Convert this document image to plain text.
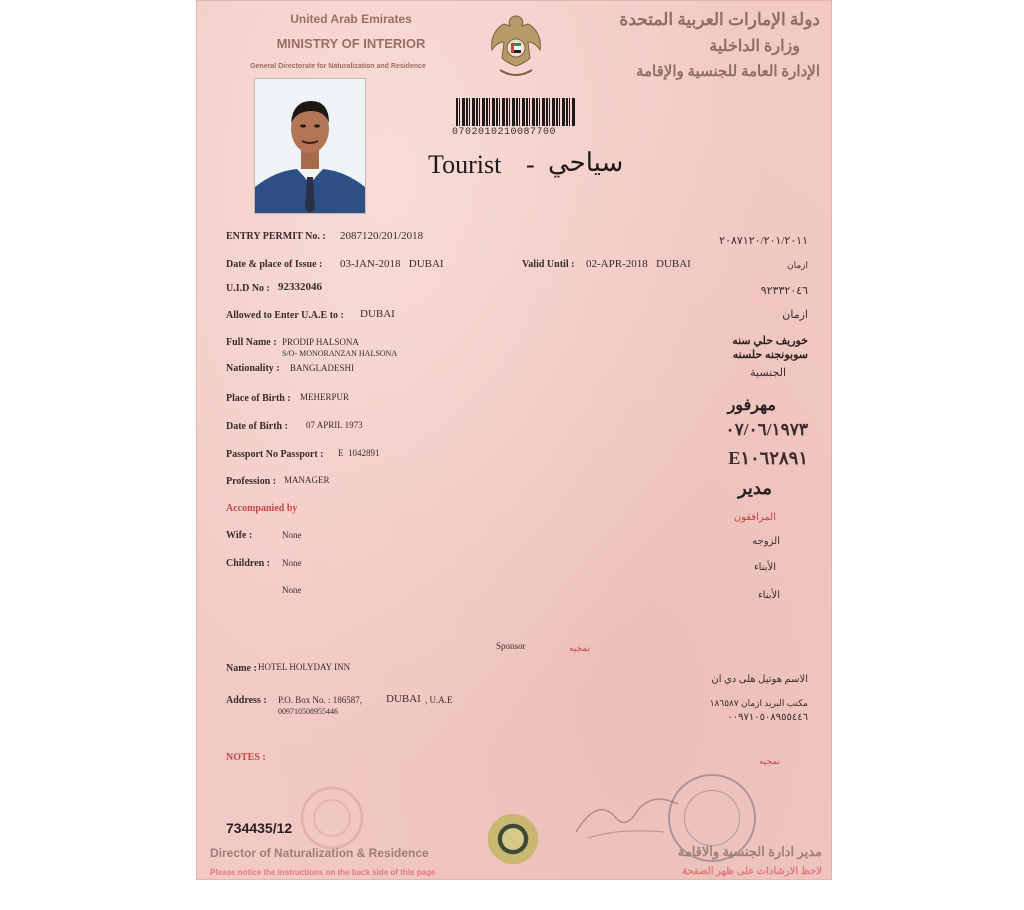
United Arab Emirates
MINISTRY OF INTERIOR
General Directorate for Naturalization and Residence
دولة الإمارات العربية المتحدة
وزارة الداخلية
الإدارة العامة للجنسية والإقامة
070201021008770​0
Tourist - سياحي
ENTRY PERMIT No. : 2087120/201/2018	٢٠٨٧١٢٠/٢٠١/٢٠١١
Date & place of Issue : 03-JAN-2018   DUBAI	Valid Until : 02-APR-2018   DUBAI	ازمان
U.I.D No : 92332046	٩٢٣٣٢٠٤٦
Allowed to Enter U.A.E to : DUBAI	ازمان
Full Name : PRODIP HALSONA
S/O- MONORANZAN HALSONA
خوريف حلي سنه
سوبونجنه حلسنه
Nationality : BANGLADESHI	الجنسية
Place of Birth : MEHERPUR	مهرفور
Date of Birth : 07 APRIL 1973	٠٧/٠٦/١٩٧٣
Passport No Passport : E  1042891	E١٠٦٢٨٩١
Profession : MANAGER	مدير
Accompanied by
المرافقون
Wife :	None
الزوجه
Children : None	الأبناء
None	الأبناء
Sponsor	نمجيه
Name : HOTEL HOLYDAY INN
الاسم هوتيل هلى دي ان
Address : P.O. Box No. : 186587, DUBAI , U.A.E
00971050895544​6
مكتب البريد ازمان ١٨٦٥٨٧
٠٠٩٧١٠٥٠٨٩٥٥٤٤٦
NOTES :	نمجيه
734435/12
Director of Naturalization & Residence
Please notice the instructions on the back side of this page
مدير ادارة الجنسية والاقامة
لاحظ الارشادات على ظهر الصفحة
